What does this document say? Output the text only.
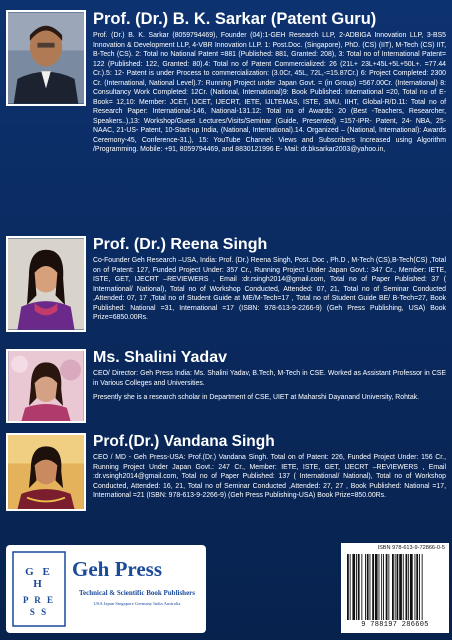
Prof. (Dr.) B. K. Sarkar (Patent Guru)
Prof. (Dr.) B. K. Sarkar (8059794469), Founder (04):1-GEH Research LLP, 2-ADBIGA Innovation LLP, 3-BS5 Innovation & Development LLP, 4-VBR Innovation LLP. 1: Post.Doc. (Singapore), PhD. (CS) (IIT), M-Tech (CS) IIT, B-Tech (CS). 2: Total no National Patent =881 (Published: 881, Granted: 208), 3: Total no of International Patent= 122 (Published: 122, Granted: 80).4: Total no of Patent Commercialized: 26 (21L+ 23L+45L+5L+50L+. =77.44 Cr.).5: 12- Patent is under Process to commercialization: (3.0Cr, 45L, 72L,-=15.87Cr.) 6: Project Completed: 2300 Cr. (International, National Level).7: Running Project under Japan Govt. = (in Group) =567.00Cr. (International) 8: Consultancy Work Completed: 12Cr. (National, International)9: Book Published: International =20, Total no of E-Book= 12,10: Member: JCET, IJCET, IJECRT, IETE, IJLTEMAS, ISTE, SMU, IIHT, Global-R/D.11: Total no of Research Paper: International-146, National-131.12: Total no of Awards: 20 (Best -Teachers, Researcher, Speakers..),13: Workshop/Guest Lectures/Visits/Seminar (Guide, Presented) =157-IPR- Patent, 24- NBA, 25- NAAC, 21-US- Patent, 10-Start-up India, (National, International).14. Organized – (National, International): Awards Ceremony-45, Conference-31,), 15: YouTube Channel: Views and Subscribers Increased using Algorithm /Programming. Mobile: +91, 8059794469, and 8830121996 E- Mail: dr.bksarkar2003@yahoo.in,
Prof. (Dr.) Reena Singh
Co-Founder Geh Research –USA, India: Prof. (Dr.) Reena Singh, Post. Doc , Ph.D , M-Tech (CS),B-Tech(CS) ,Total on of Patent: 127, Funded Project Under: 357 Cr., Running Project Under Japan Govt.: 347 Cr., Member: IETE, ISTE, GET, IJECRT –REVIEWERS , Email :dr.rsingh2014@gmail.com, Total no of Paper Published: 37 ( International/ National), Total no of Workshop Conducted, Attended: 07, 21, Total no of Seminar Conducted ,Attended: 07, 17 ,Total no of Student Guide at ME/M-Tech=17 , Total no of Student Guide BE/ B-Tech=27, Book Published: National =31, International =17 (ISBN: 978-613-9-2266-9) (Geh Press Publishing, USA) Book Prize=6850.00Rs.
Ms. Shalini Yadav

CEO/ Director: Geh Press India: Ms. Shalini Yadav, B.Tech, M-Tech in CSE. Worked as Assistant Professor in CSE in Various Colleges and Universities.

Presently she is a research scholar in Department of CSE, UIET at Maharshi Dayanand University, Rohtak.

Prof.(Dr.) Vandana Singh
CEO / MD - Geh Press-USA: Prof.(Dr.) Vandana Singh. Total on of Patent: 226, Funded Project Under: 156 Cr., Running Project Under Japan Govt.: 247 Cr., Member: IETE, ISTE, GET, IJECRT –REVIEWERS , Email :dr.vsingh2014@gmail.com, Total no of Paper Published: 137 ( International/ National), Total no of Workshop Conducted, Attended: 16, 21, Total no of Seminar Conducted ,Attended: 27, 27 , Book Published: National =17, International =21 (ISBN: 978-613-9-2266-9) (Geh Press Publishing-USA) Book Prize=850.00Rs.
G E
H
P R E
S S
Geh Press
Technical & Scientific Book Publishers
USA Japan Singapore Germany India Australia
ISBN 978-613-9-72866-0-5
9 788197 286605
